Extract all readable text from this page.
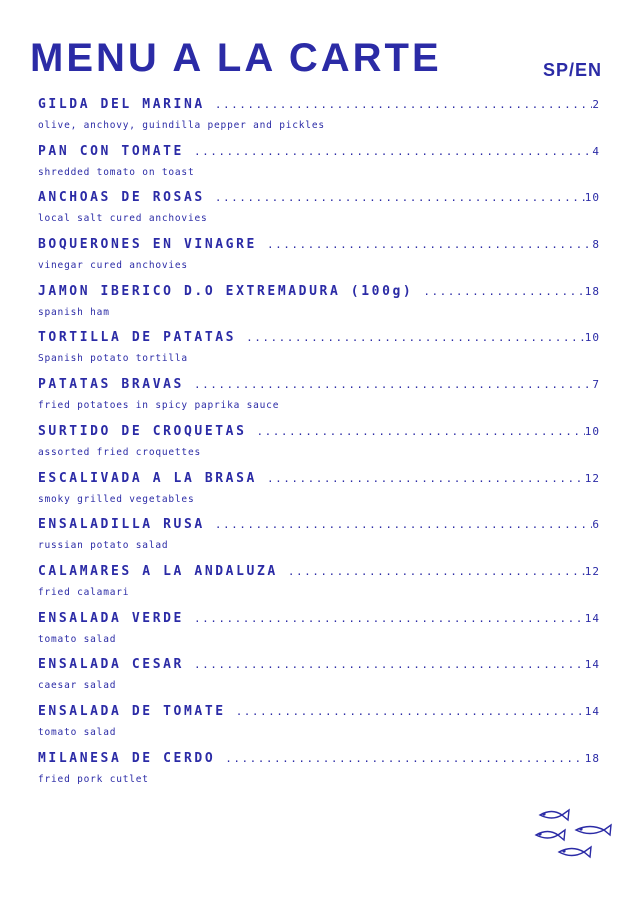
MENU A LA CARTE	SP/EN
GILDA DEL MARINA .....	2
olive, anchovy, guindilla pepper and pickles
PAN CON TOMATE .....	4
shredded tomato on toast
ANCHOAS DE ROSAS .....	10
local salt cured anchovies
BOQUERONES EN VINAGRE .....	8
vinegar cured anchovies
JAMON IBERICO D.O EXTREMADURA (100g) .....	18
spanish ham
TORTILLA DE PATATAS .....	10
Spanish potato tortilla
PATATAS BRAVAS .....	7
fried potatoes in spicy paprika sauce
SURTIDO DE CROQUETAS .....	10
assorted fried croquettes
ESCALIVADA A LA BRASA .....	12
smoky grilled vegetables
ENSALADILLA RUSA .....	6
russian potato salad
CALAMARES A LA ANDALUZA .....	12
fried calamari
ENSALADA VERDE .....	14
tomato salad
ENSALADA CESAR .....	14
caesar salad
ENSALADA DE TOMATE .....	14
tomato salad
MILANESA DE CERDO .....	18
fried pork cutlet
